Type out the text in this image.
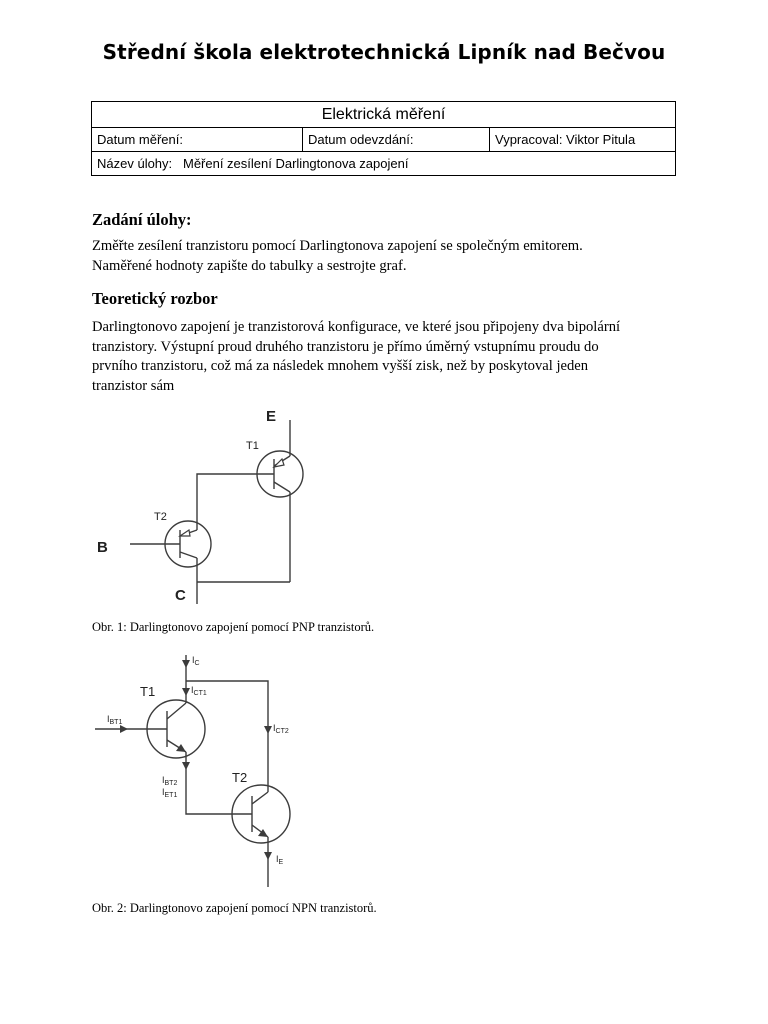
Střední škola elektrotechnická Lipník nad Bečvou
Elektrická měření
Datum měření:	Datum odevzdání:	Vypracoval: Viktor Pitula
Název úlohy:   Měření zesílení Darlingtonova zapojení
Zadání úlohy:

Změřte zesílení tranzistoru pomocí Darlingtonova zapojení se společným emitorem.
Naměřené hodnoty zapište do tabulky a sestrojte graf.

Teoretický rozbor

Darlingtonovo zapojení je tranzistorová konfigurace, ve které jsou připojeny dva bipolární
tranzistory. Výstupní proud druhého tranzistoru je přímo úměrný vstupnímu proudu do
prvního tranzistoru, což má za následek mnohem vyšší zisk, než by poskytoval jeden
tranzistor sám

E
T1
T2
B
C

Obr. 1: Darlingtonovo zapojení pomocí PNP tranzistorů.

T1
T2
$I_C$
$I_{CT1}$
$I_{CT2}$
$I_{BT1}$
$I_{BT2}$
$I_{ET1}$
$I_E$

Obr. 2: Darlingtonovo zapojení pomocí NPN tranzistorů.
